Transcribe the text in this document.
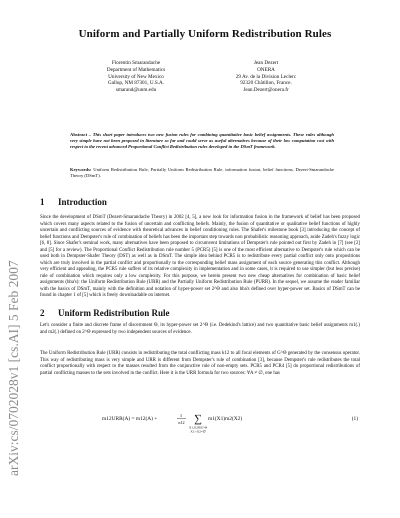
arXiv:cs/0702028v1 [cs.AI] 5 Feb 2007
Uniform and Partially Uniform Redistribution Rules
Florentin Smarandache
Department of Mathematics
University of New Mexico
Gallup, NM 87301, U.S.A.
smarand@unm.edu
Jean Dezert
ONERA
29 Av. de la Division Leclerc
92320 Châtillon, France.
Jean.Dezert@onera.fr
Abstract – This short paper introduces two new fusion rules for combining quantitative basic belief assignments. These rules although very simple have not been proposed in literature so far and could serve as useful alternatives because of their low computation cost with respect to the recent advanced Proportional Conflict Redistribution rules developed in the DSmT framework.
Keywords: Uniform Redistribution Rule, Partially Uniform Redistribution Rule, information fusion, belief functions, Dezert-Smarandache Theory (DSmT).
1 Introduction
Since the development of DSmT (Dezert-Smarandache Theory) in 2002 [4, 5], a new look for information fusion in the framework of belief has been proposed which covers many aspects related to the fusion of uncertain and conflicting beliefs. Mainly, the fusion of quantitative or qualitative belief functions of highly uncertain and conflicting sources of evidence with theoretical advances in belief conditioning rules. The Shafer's milestone book [3] introducing the concept of belief functions and Dempster's rule of combination of beliefs has been the important step towards non probabilistic reasoning approach, aside Zadeh's fuzzy logic [6, 8]. Since Shafer's seminal work, many alternatives have been proposed to circumvent limitations of Dempster's rule pointed out first by Zadeh in [7] (see [2] and [5] for a review). The Proportional Conflict Redistribution rule number 5 (PCR5) [5] is one of the most efficient alternative to Dempster's rule which can be used both in Dempster-Shafer Theory (DST) as well as in DSmT. The simple idea behind PCR5 is to redistribute every partial conflict only onto propositions which are truly involved in the partial conflict and proportionally to the corresponding belief mass assignment of each source generating this conflict. Although very efficient and appealing, the PCR5 rule suffers of its relative complexity in implementation and in some cases, it is required to use simpler (but less precise) rule of combination which requires only a low complexity. For this purpose, we herein present two new cheap alternatives for combination of basic belief assignments (bba's): the Uniform Redistribution Rule (URR) and the Partially Uniform Redistribution Rule (PURR). In the sequel, we assume the reader familiar with the basics of DSmT, mainly with the definition and notation of hyper-power set 2^Θ and also bba's defined over hyper-power set. Basics of DSmT can be found in chapter 1 of [5] which is freely downloadable on internet.
2 Uniform Redistribution Rule
Let's consider a finite and discrete frame of discernment Θ, its hyper-power set 2^Θ (i.e. Dedekind's lattice) and two quantitative basic belief assignments m1(.) and m2(.) defined on 2^Θ expressed by two independent sources of evidence.
The Uniform Redistribution Rule (URR) consists in redistributing the total conflicting mass k12 to all focal elements of G^Θ generated by the consensus operator. This way of redistributing mass is very simple and URR is different from Dempster's rule of combination [3], because Dempster's rule redistributes the total conflict proportionally with respect to the masses resulted from the conjunctive rule of non-empty sets. PCR5 and PCR4 [5] do proportional redistributions of partial conflicting masses to the sets involved in the conflict. Here it is the URR formula for two sources: ∀A ≠ ∅, one has
m12URR(A) = m12(A) +
1
n12 ∑
X1,X2∈G^Θ
X1∩X2=∅
m1(X1)m2(X2)	(1)
